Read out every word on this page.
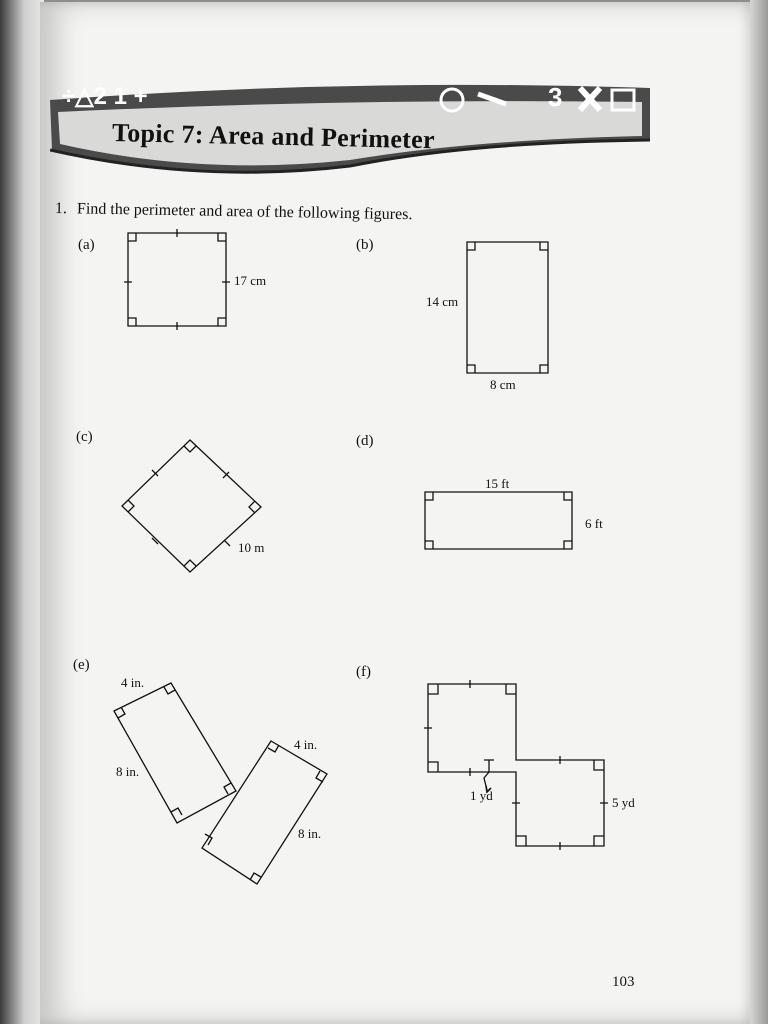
÷△2 1 +	3
Topic 7: Area and Perimeter
1. Find the perimeter and area of the following figures.
(a)	(b)
(c)	(d)
(e)	(f)
17 cm
14 cm
8 cm
10 m
15 ft
6 ft
4 in.
8 in.
4 in.
8 in.
1 yd	5 yd
103
